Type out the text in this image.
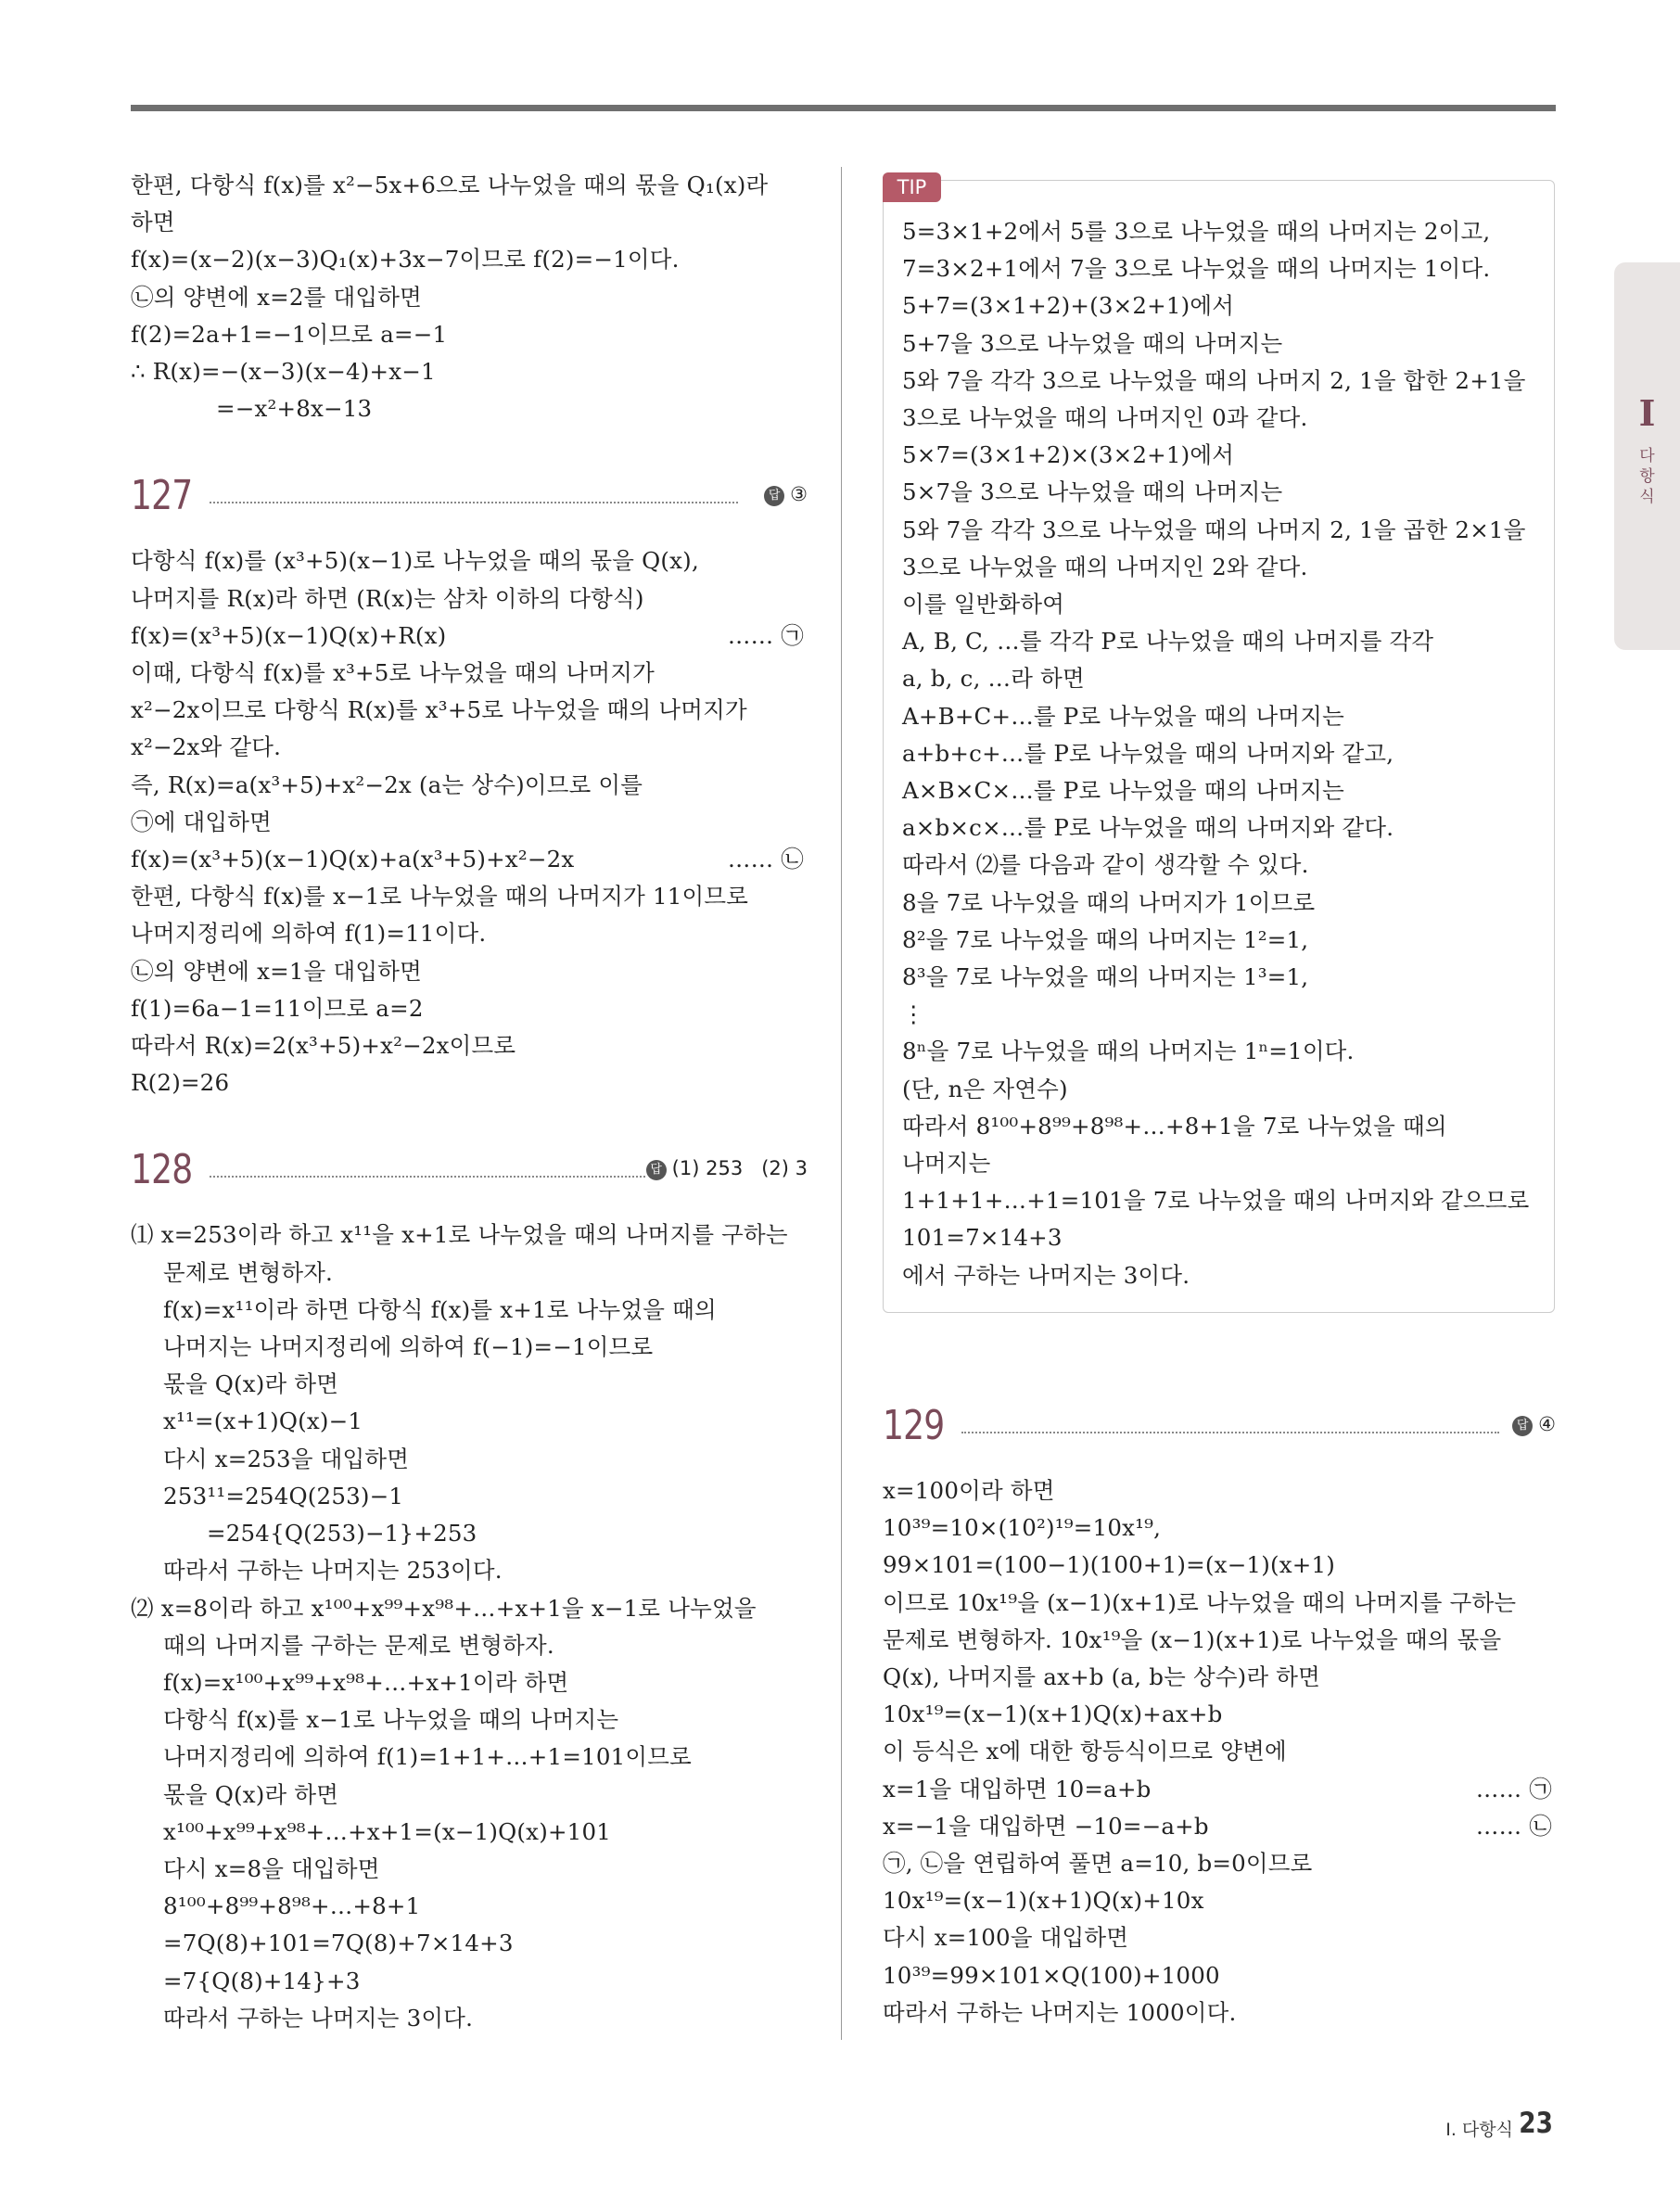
한편, 다항식 f(x)를 x²−5x+6으로 나누었을 때의 몫을 Q₁(x)라
하면
f(x)=(x−2)(x−3)Q₁(x)+3x−7이므로 f(2)=−1이다.
㉡의 양변에 x=2를 대입하면
f(2)=2a+1=−1이므로 a=−1
∴ R(x)=−(x−3)(x−4)+x−1
=−x²+8x−13
127	답 ③
다항식 f(x)를 (x³+5)(x−1)로 나누었을 때의 몫을 Q(x),
나머지를 R(x)라 하면 (R(x)는 삼차 이하의 다항식)
f(x)=(x³+5)(x−1)Q(x)+R(x)	…… ㉠
이때, 다항식 f(x)를 x³+5로 나누었을 때의 나머지가
x²−2x이므로 다항식 R(x)를 x³+5로 나누었을 때의 나머지가
x²−2x와 같다.
즉, R(x)=a(x³+5)+x²−2x (a는 상수)이므로 이를
㉠에 대입하면
f(x)=(x³+5)(x−1)Q(x)+a(x³+5)+x²−2x	…… ㉡
한편, 다항식 f(x)를 x−1로 나누었을 때의 나머지가 11이므로
나머지정리에 의하여 f(1)=11이다.
㉡의 양변에 x=1을 대입하면
f(1)=6a−1=11이므로 a=2
따라서 R(x)=2(x³+5)+x²−2x이므로
R(2)=26
128	답 (1) 253   (2) 3
⑴ x=253이라 하고 x¹¹을 x+1로 나누었을 때의 나머지를 구하는
문제로 변형하자.
f(x)=x¹¹이라 하면 다항식 f(x)를 x+1로 나누었을 때의
나머지는 나머지정리에 의하여 f(−1)=−1이므로
몫을 Q(x)라 하면
x¹¹=(x+1)Q(x)−1
다시 x=253을 대입하면
253¹¹=254Q(253)−1
=254{Q(253)−1}+253
따라서 구하는 나머지는 253이다.
⑵ x=8이라 하고 x¹⁰⁰+x⁹⁹+x⁹⁸+…+x+1을 x−1로 나누었을
때의 나머지를 구하는 문제로 변형하자.
f(x)=x¹⁰⁰+x⁹⁹+x⁹⁸+…+x+1이라 하면
다항식 f(x)를 x−1로 나누었을 때의 나머지는
나머지정리에 의하여 f(1)=1+1+…+1=101이므로
몫을 Q(x)라 하면
x¹⁰⁰+x⁹⁹+x⁹⁸+…+x+1=(x−1)Q(x)+101
다시 x=8을 대입하면
8¹⁰⁰+8⁹⁹+8⁹⁸+…+8+1
=7Q(8)+101=7Q(8)+7×14+3
=7{Q(8)+14}+3
따라서 구하는 나머지는 3이다.
TIP
5=3×1+2에서 5를 3으로 나누었을 때의 나머지는 2이고,
7=3×2+1에서 7을 3으로 나누었을 때의 나머지는 1이다.
5+7=(3×1+2)+(3×2+1)에서
5+7을 3으로 나누었을 때의 나머지는
5와 7을 각각 3으로 나누었을 때의 나머지 2, 1을 합한 2+1을
3으로 나누었을 때의 나머지인 0과 같다.
5×7=(3×1+2)×(3×2+1)에서
5×7을 3으로 나누었을 때의 나머지는
5와 7을 각각 3으로 나누었을 때의 나머지 2, 1을 곱한 2×1을
3으로 나누었을 때의 나머지인 2와 같다.
이를 일반화하여
A, B, C, …를 각각 P로 나누었을 때의 나머지를 각각
a, b, c, …라 하면
A+B+C+…를 P로 나누었을 때의 나머지는
a+b+c+…를 P로 나누었을 때의 나머지와 같고,
A×B×C×…를 P로 나누었을 때의 나머지는
a×b×c×…를 P로 나누었을 때의 나머지와 같다.
따라서 ⑵를 다음과 같이 생각할 수 있다.
8을 7로 나누었을 때의 나머지가 1이므로
8²을 7로 나누었을 때의 나머지는 1²=1,
8³을 7로 나누었을 때의 나머지는 1³=1,
⋮
8ⁿ을 7로 나누었을 때의 나머지는 1ⁿ=1이다.
(단, n은 자연수)
따라서 8¹⁰⁰+8⁹⁹+8⁹⁸+…+8+1을 7로 나누었을 때의
나머지는
1+1+1+…+1=101을 7로 나누었을 때의 나머지와 같으므로
101=7×14+3
에서 구하는 나머지는 3이다.
129	답 ④
x=100이라 하면
10³⁹=10×(10²)¹⁹=10x¹⁹,
99×101=(100−1)(100+1)=(x−1)(x+1)
이므로 10x¹⁹을 (x−1)(x+1)로 나누었을 때의 나머지를 구하는
문제로 변형하자. 10x¹⁹을 (x−1)(x+1)로 나누었을 때의 몫을
Q(x), 나머지를 ax+b (a, b는 상수)라 하면
10x¹⁹=(x−1)(x+1)Q(x)+ax+b
이 등식은 x에 대한 항등식이므로 양변에
x=1을 대입하면 10=a+b	…… ㉠
x=−1을 대입하면 −10=−a+b	…… ㉡
㉠, ㉡을 연립하여 풀면 a=10, b=0이므로
10x¹⁹=(x−1)(x+1)Q(x)+10x
다시 x=100을 대입하면
10³⁹=99×101×Q(100)+1000
따라서 구하는 나머지는 1000이다.
I
다
항
식
I. 다항식 23
